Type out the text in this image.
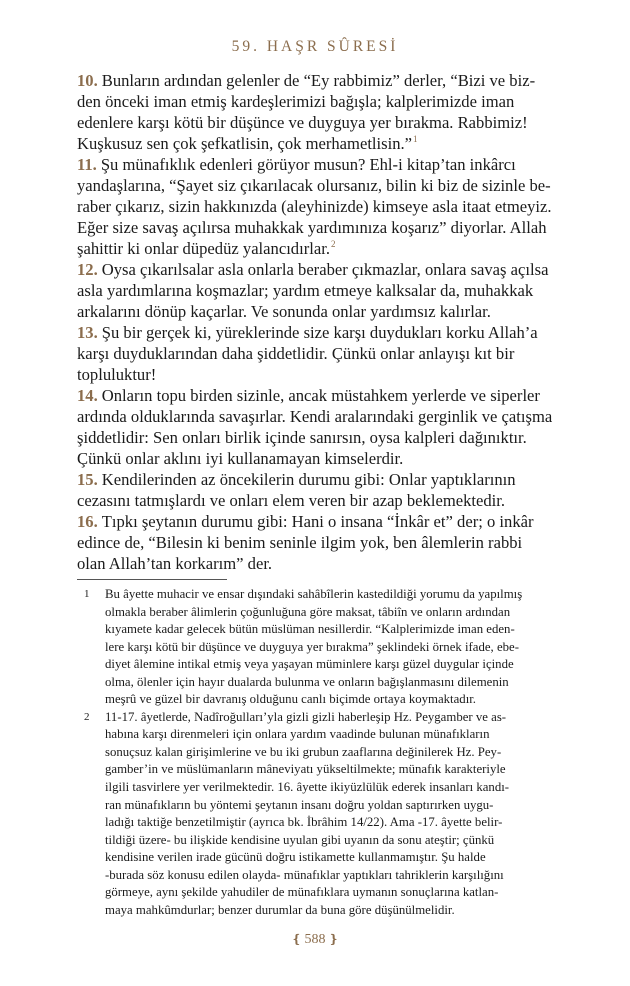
59. HAŞR SÛRESİ

10. Bunların ardından gelenler de “Ey rabbimiz” derler, “Bizi ve biz-
den önceki iman etmiş kardeşlerimizi bağışla; kalplerimizde iman
edenlere karşı kötü bir düşünce ve duyguya yer bırakma. Rabbimiz!
Kuşkusuz sen çok şefkatlisin, çok merhametlisin.”$^1$

11. Şu münafıklık edenleri görüyor musun? Ehl-i kitap’tan inkârcı
yandaşlarına, “Şayet siz çıkarılacak olursanız, bilin ki biz de sizinle be-
raber çıkarız, sizin hakkınızda (aleyhinizde) kimseye asla itaat etmeyiz.
Eğer size savaş açılırsa muhakkak yardımınıza koşarız” diyorlar. Allah
şahittir ki onlar düpedüz yalancıdırlar.$^2$

12. Oysa çıkarılsalar asla onlarla beraber çıkmazlar, onlara savaş açılsa
asla yardımlarına koşmazlar; yardım etmeye kalksalar da, muhakkak
arkalarını dönüp kaçarlar. Ve sonunda onlar yardımsız kalırlar.

13. Şu bir gerçek ki, yüreklerinde size karşı duydukları korku Allah’a
karşı duyduklarından daha şiddetlidir. Çünkü onlar anlayışı kıt bir
topluluktur!

14. Onların topu birden sizinle, ancak müstahkem yerlerde ve siperler
ardında olduklarında savaşırlar. Kendi aralarındaki gerginlik ve çatışma
şiddetlidir: Sen onları birlik içinde sanırsın, oysa kalpleri dağınıktır.
Çünkü onlar aklını iyi kullanamayan kimselerdir.

15. Kendilerinden az öncekilerin durumu gibi: Onlar yaptıklarının
cezasını tatmışlardı ve onları elem veren bir azap beklemektedir.

16. Tıpkı şeytanın durumu gibi: Hani o insana “İnkâr et” der; o inkâr
edince de, “Bilesin ki benim seninle ilgim yok, ben âlemlerin rabbi
olan Allah’tan korkarım” der.

1 Bu âyette muhacir ve ensar dışındaki sahâbîlerin kastedildiği yorumu da yapılmış
olmakla beraber âlimlerin çoğunluğuna göre maksat, tâbiîn ve onların ardından
kıyamete kadar gelecek bütün müslüman nesillerdir. “Kalplerimizde iman eden-
lere karşı kötü bir düşünce ve duyguya yer bırakma” şeklindeki örnek ifade, ebe-
diyet âlemine intikal etmiş veya yaşayan müminlere karşı güzel duygular içinde
olma, ölenler için hayır dualarda bulunma ve onların bağışlanmasını dilemenin
meşrû ve güzel bir davranış olduğunu canlı biçimde ortaya koymaktadır.
2 11-17. âyetlerde, Nadîroğulları’yla gizli gizli haberleşip Hz. Peygamber ve as-
habına karşı direnmeleri için onlara yardım vaadinde bulunan münafıkların
sonuçsuz kalan girişimlerine ve bu iki grubun zaaflarına değinilerek Hz. Pey-
gamber’in ve müslümanların mâneviyatı yükseltilmekte; münafık karakteriyle
ilgili tasvirlere yer verilmektedir. 16. âyette ikiyüzlülük ederek insanları kandı-
ran münafıkların bu yöntemi şeytanın insanı doğru yoldan saptırırken uygu-
ladığı taktiğe benzetilmiştir (ayrıca bk. İbrâhim 14/22). Ama -17. âyette belir-
tildiği üzere- bu ilişkide kendisine uyulan gibi uyanın da sonu ateştir; çünkü
kendisine verilen irade gücünü doğru istikamette kullanmamıştır. Şu halde
-burada söz konusu edilen olayda- münafıklar yaptıkları tahriklerin karşılığını
görmeye, aynı şekilde yahudiler de münafıklara uymanın sonuçlarına katlan-
maya mahkûmdurlar; benzer durumlar da buna göre düşünülmelidir.
❴ 588 ❵
